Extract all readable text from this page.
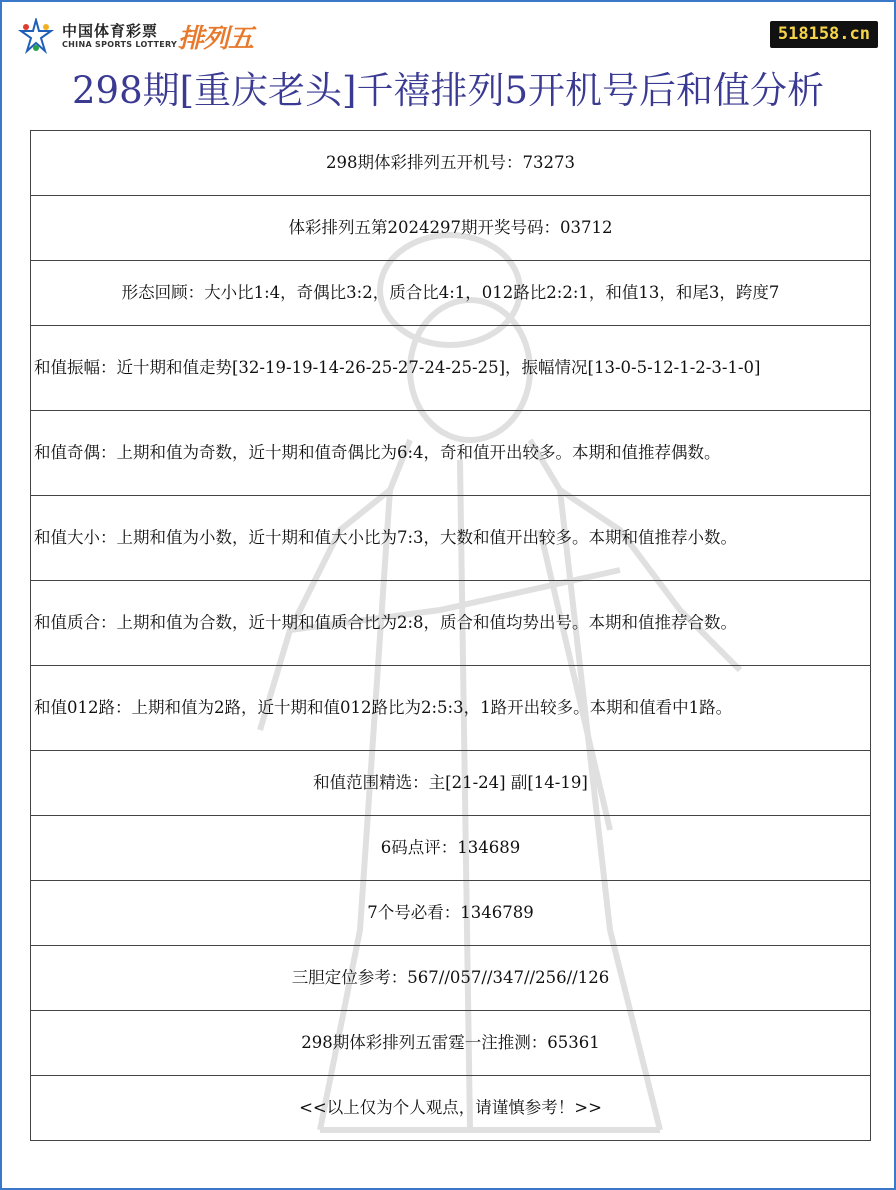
中国体育彩票
CHINA SPORTS LOTTERY 排列五	518158.cn
298期[重庆老头]千禧排列5开机号后和值分析
298期体彩排列五开机号：73273
体彩排列五第2024297期开奖号码：03712
形态回顾：大小比1:4，奇偶比3:2，质合比4:1，012路比2:2:1，和值13，和尾3，跨度7
和值振幅：近十期和值走势[32-19-19-14-26-25-27-24-25-25]，振幅情况[13-0-5-12-1-2-3-1-0]
和值奇偶：上期和值为奇数，近十期和值奇偶比为6:4，奇和值开出较多。本期和值推荐偶数。
和值大小：上期和值为小数，近十期和值大小比为7:3，大数和值开出较多。本期和值推荐小数。
和值质合：上期和值为合数，近十期和值质合比为2:8，质合和值均势出号。本期和值推荐合数。
和值012路：上期和值为2路，近十期和值012路比为2:5:3，1路开出较多。本期和值看中1路。
和值范围精选：主[21-24] 副[14-19]
6码点评：134689
7个号必看：1346789
三胆定位参考：567//057//347//256//126
298期体彩排列五雷霆一注推测：65361
<<以上仅为个人观点，请谨慎参考！>>
